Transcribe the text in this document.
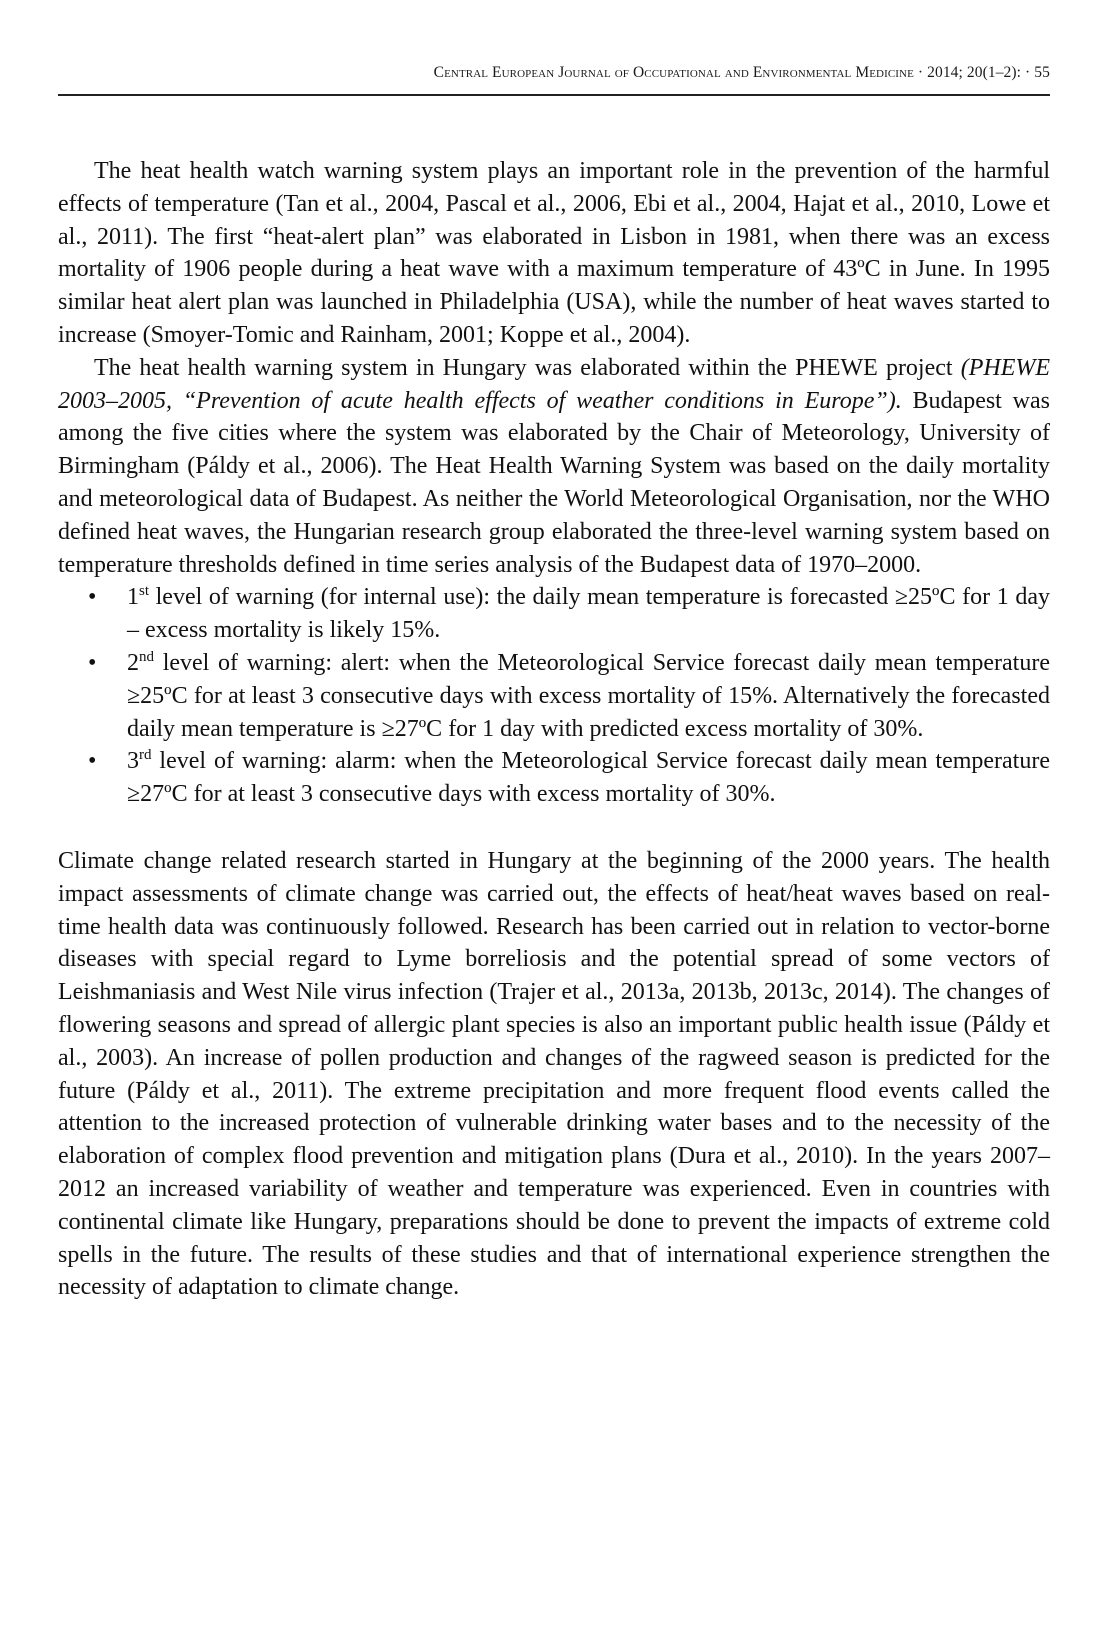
Central European Journal of Occupational and Environmental Medicine · 2014; 20(1–2): · 55

The heat health watch warning system plays an important role in the prevention of the harmful effects of temperature (Tan et al., 2004, Pascal et al., 2006, Ebi et al., 2004, Hajat et al., 2010, Lowe et al., 2011). The first “heat-alert plan” was elaborated in Lisbon in 1981, when there was an excess mortality of 1906 people during a heat wave with a maximum temperature of 43ºC in June. In 1995 similar heat alert plan was launched in Philadelphia (USA), while the number of heat waves started to increase (Smoyer-Tomic and Rainham, 2001; Koppe et al., 2004).

The heat health warning system in Hungary was elaborated within the PHEWE project (PHEWE 2003–2005, “Prevention of acute health effects of weather conditions in Europe”). Budapest was among the five cities where the system was elaborated by the Chair of Meteorology, University of Birmingham (Páldy et al., 2006). The Heat Health Warning System was based on the daily mortality and meteorological data of Budapest. As neither the World Meteorological Organisation, nor the WHO defined heat waves, the Hungarian research group elaborated the three-level warning system based on temperature thresholds defined in time series analysis of the Budapest data of 1970–2000.

• 1st level of warning (for internal use): the daily mean temperature is forecasted ≥25ºC for 1 day – excess mortality is likely 15%.
• 2nd level of warning: alert: when the Meteorological Service forecast daily mean temperature ≥25ºC for at least 3 consecutive days with excess mortality of 15%. Alternatively the forecasted daily mean temperature is ≥27ºC for 1 day with predicted excess mortality of 30%.
• 3rd level of warning: alarm: when the Meteorological Service forecast daily mean temperature ≥27ºC for at least 3 consecutive days with excess mortality of 30%.

Climate change related research started in Hungary at the beginning of the 2000 years. The health impact assessments of climate change was carried out, the effects of heat/heat waves based on real-time health data was continuously followed. Research has been carried out in relation to vector-borne diseases with special regard to Lyme borreliosis and the potential spread of some vectors of Leishmaniasis and West Nile virus infection (Trajer et al., 2013a, 2013b, 2013c, 2014). The changes of flowering seasons and spread of allergic plant species is also an important public health issue (Páldy et al., 2003). An increase of pollen production and changes of the ragweed season is predicted for the future (Páldy et al., 2011). The extreme precipitation and more frequent flood events called the attention to the increased protection of vulnerable drinking water bases and to the necessity of the elaboration of complex flood prevention and mitigation plans (Dura et al., 2010). In the years 2007–2012 an increased variability of weather and temperature was experienced. Even in countries with continental climate like Hungary, preparations should be done to prevent the impacts of extreme cold spells in the future. The results of these studies and that of international experience strengthen the necessity of adaptation to climate change.
